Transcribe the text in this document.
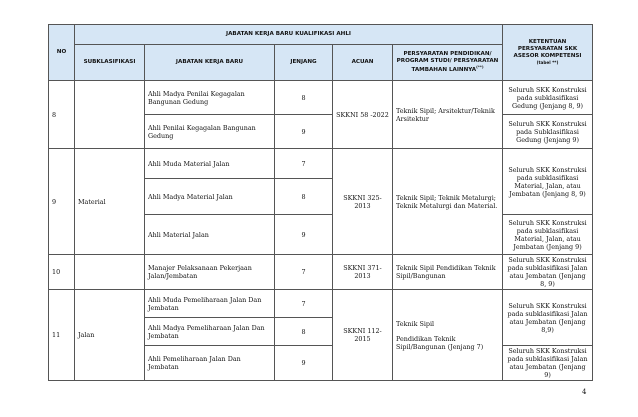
NO	JABATAN KERJA BARU KUALIFIKASI AHLI					KETENTUAN PERSYARATAN SKK ASESOR KOMPETENSI
(tabel **)

	SUBKLASIFIKASI	JABATAN KERJA BARU	JENJANG	ACUAN	PERSYARATAN PENDIDIKAN/ PROGRAM STUDI/ PERSYARATAN TAMBAHAN LAINNYA(**)
8		Ahli Madya Penilai Kegagalan Bangunan Gedung	8	SKKNI 58 -2022	Teknik Sipil; Arsitektur/Teknik Arsitektur	Seluruh SKK Konstruksi pada subklasifikasi Gedung (Jenjang 8, 9)
		Ahli Penilai Kegagalan Bangunan Gedung	9			Seluruh SKK Konstruksi pada Subklasifikasi Gedung (Jenjang 9)
9	Material	Ahli Muda Material Jalan	7	SKKNI 325-2013	Teknik Sipil; Teknik Metalurgi; Teknik Metalurgi dan Material.	Seluruh SKK Konstruksi pada subklasifikasi Material, Jalan, atau Jembatan (Jenjang 8, 9)
		Ahli Madya Material Jalan	8			
		Ahli Material Jalan	9			Seluruh SKK Konstruksi pada subklasifikasi Material, Jalan, atau Jembatan (Jenjang 9)
10		Manajer Pelaksanaan Pekerjaan Jalan/Jembatan	7	SKKNI 371-2013	Teknik Sipil Pendidikan Teknik Sipil/Bangunan	Seluruh SKK Konstruksi pada subklasifikasi Jalan atau Jembatan (Jenjang 8, 9)
11	Jalan	Ahli Muda Pemeliharaan Jalan Dan Jembatan	7	SKKNI 112-2015	Teknik Sipil
Pendidikan Teknik Sipil/Bangunan (Jenjang 7)	Seluruh SKK Konstruksi pada subklasifikasi Jalan atau Jembatan (Jenjang 8,9)
		Ahli Madya Pemeliharaan Jalan Dan Jembatan	8			
		Ahli Pemeliharaan Jalan Dan Jembatan	9			Seluruh SKK Konstruksi pada subklasifikasi Jalan atau Jembatan (Jenjang 9)
4
